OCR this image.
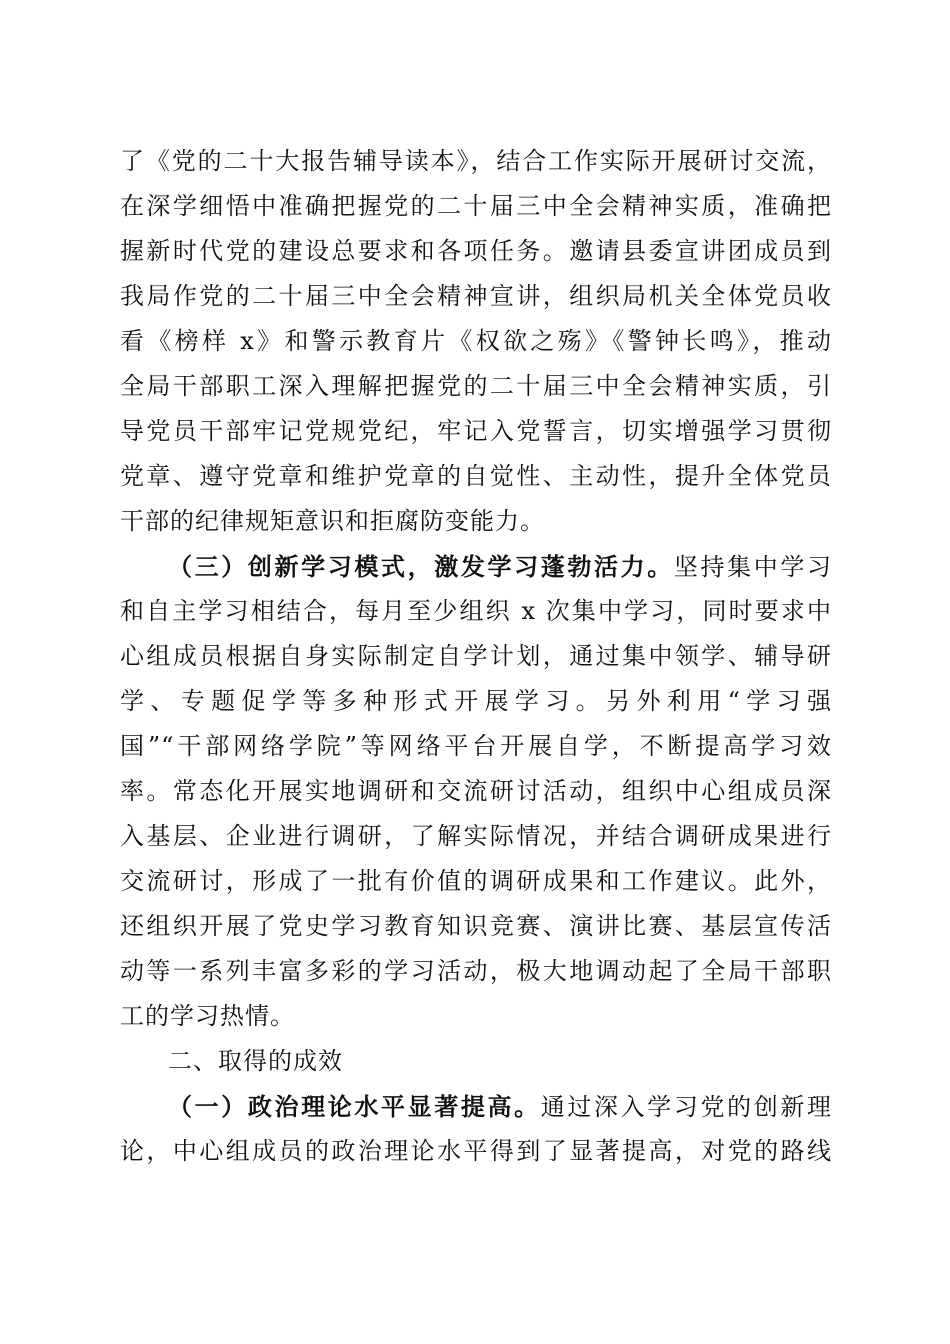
了《党的二十大报告辅导读本》，结合工作实际开展研讨交流，
在深学细悟中准确把握党的二十届三中全会精神实质，准确把
握新时代党的建设总要求和各项任务。邀请县委宣讲团成员到
我局作党的二十届三中全会精神宣讲，组织局机关全体党员收
看《榜样 x》和警示教育片《权欲之殇》《警钟长鸣》，推动
全局干部职工深入理解把握党的二十届三中全会精神实质，引
导党员干部牢记党规党纪，牢记入党誓言，切实增强学习贯彻
党章、遵守党章和维护党章的自觉性、主动性，提升全体党员
干部的纪律规矩意识和拒腐防变能力。
（三）创新学习模式，激发学习蓬勃活力。坚持集中学习
和自主学习相结合，每月至少组织 x 次集中学习，同时要求中
心组成员根据自身实际制定自学计划，通过集中领学、辅导研
学、专题促学等多种形式开展学习。另外利用“学习强
国”“干部网络学院”等网络平台开展自学，不断提高学习效
率。常态化开展实地调研和交流研讨活动，组织中心组成员深
入基层、企业进行调研，了解实际情况，并结合调研成果进行
交流研讨，形成了一批有价值的调研成果和工作建议。此外，
还组织开展了党史学习教育知识竞赛、演讲比赛、基层宣传活
动等一系列丰富多彩的学习活动，极大地调动起了全局干部职
工的学习热情。
二、取得的成效
（一）政治理论水平显著提高。通过深入学习党的创新理
论，中心组成员的政治理论水平得到了显著提高，对党的路线
